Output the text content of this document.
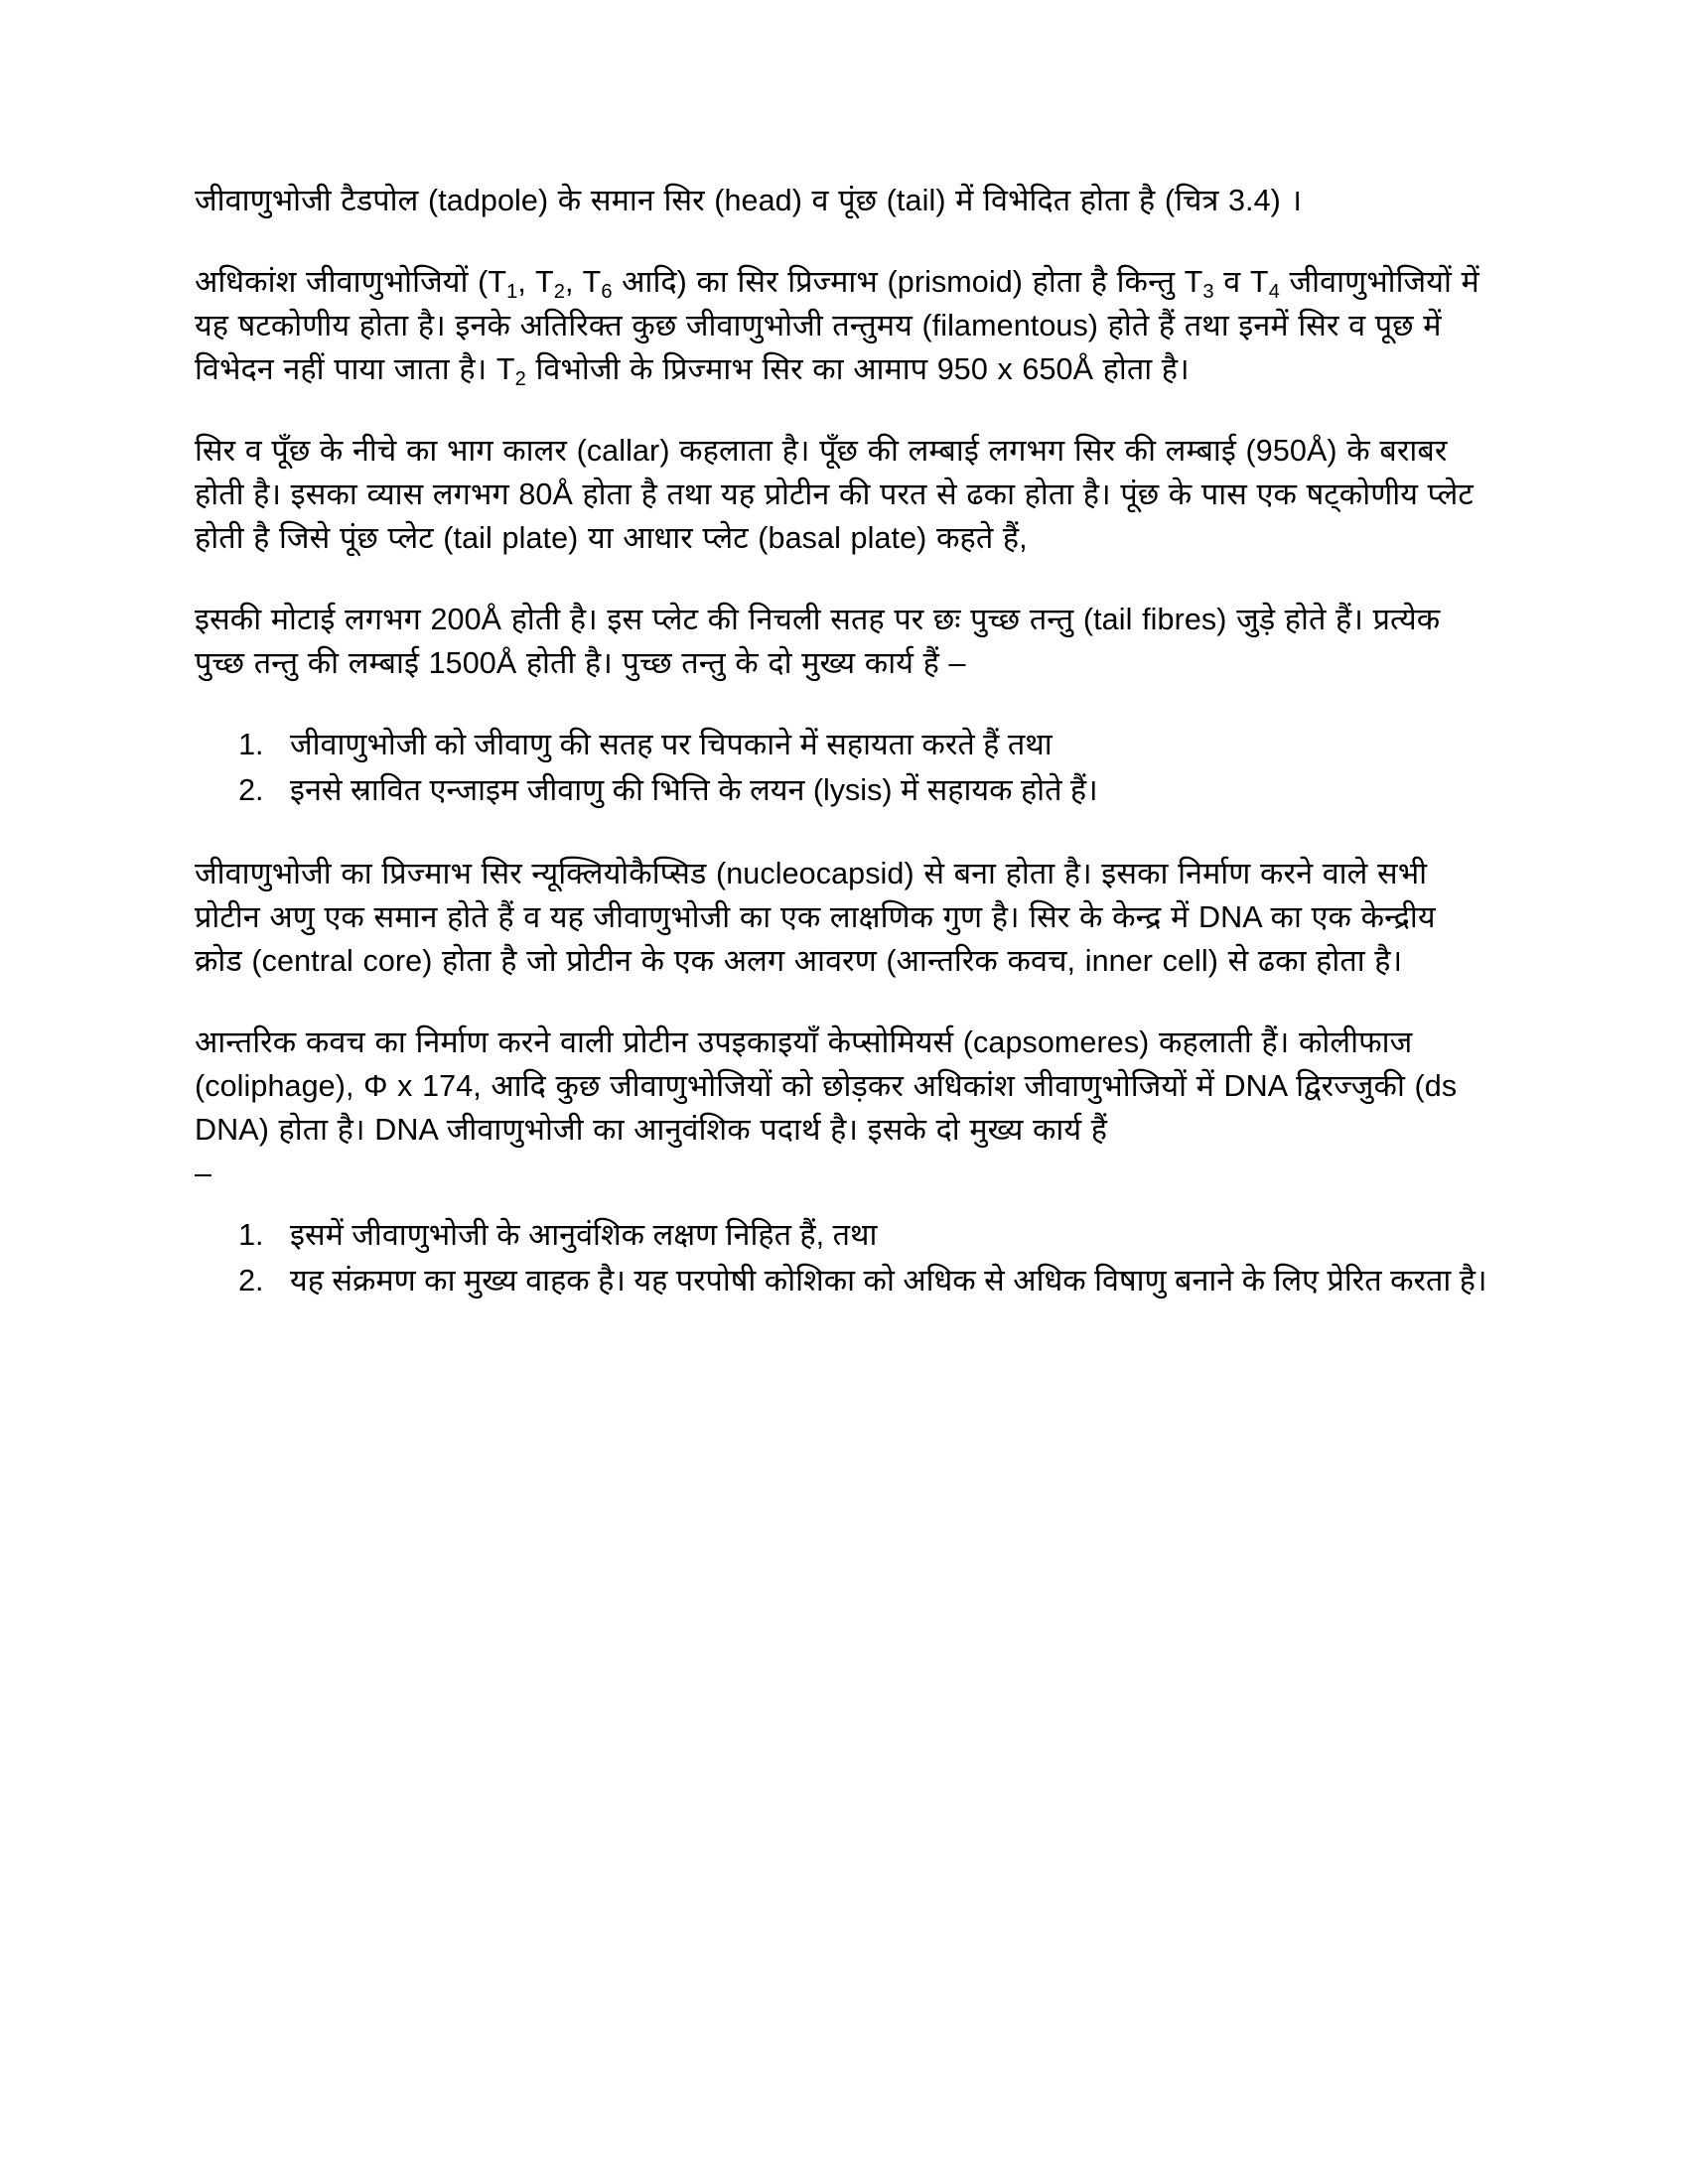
जीवाणुभोजी टैडपोल (tadpole) के समान सिर (head) व पूंछ (tail) में विभेदित होता है (चित्र 3.4) ।

अधिकांश जीवाणुभोजियों ($T_1$, $T_2$, $T_6$ आदि) का सिर प्रिज्माभ (prismoid) होता है किन्तु $T_3$ व $T_4$ जीवाणुभोजियों में यह षटकोणीय होता है। इनके अतिरिक्त कुछ जीवाणुभोजी तन्तुमय (filamentous) होते हैं तथा इनमें सिर व पूछ में विभेदन नहीं पाया जाता है। $T_2$ विभोजी के प्रिज्माभ सिर का आमाप 950 x 650Å होता है।

सिर व पूँछ के नीचे का भाग कालर (callar) कहलाता है। पूँछ की लम्बाई लगभग सिर की लम्बाई (950Å) के बराबर होती है। इसका व्यास लगभग 80Å होता है तथा यह प्रोटीन की परत से ढका होता है। पूंछ के पास एक षट्कोणीय प्लेट होती है जिसे पूंछ प्लेट (tail plate) या आधार प्लेट (basal plate) कहते हैं,

इसकी मोटाई लगभग 200Å होती है। इस प्लेट की निचली सतह पर छः पुच्छ तन्तु (tail fibres) जुड़े होते हैं। प्रत्येक पुच्छ तन्तु की लम्बाई 1500Å होती है। पुच्छ तन्तु के दो मुख्य कार्य हैं –

1. जीवाणुभोजी को जीवाणु की सतह पर चिपकाने में सहायता करते हैं तथा
2. इनसे स्रावित एन्जाइम जीवाणु की भित्ति के लयन (lysis) में सहायक होते हैं।

जीवाणुभोजी का प्रिज्माभ सिर न्यूक्लियोकैप्सिड (nucleocapsid) से बना होता है। इसका निर्माण करने वाले सभी प्रोटीन अणु एक समान होते हैं व यह जीवाणुभोजी का एक लाक्षणिक गुण है। सिर के केन्द्र में DNA का एक केन्द्रीय क्रोड (central core) होता है जो प्रोटीन के एक अलग आवरण (आन्तरिक कवच, inner cell) से ढका होता है।

आन्तरिक कवच का निर्माण करने वाली प्रोटीन उपइकाइयाँ केप्सोमियर्स (capsomeres) कहलाती हैं। कोलीफाज (coliphage), Φ x 174, आदि कुछ जीवाणुभोजियों को छोड़कर अधिकांश जीवाणुभोजियों में DNA द्विरज्जुकी (ds DNA) होता है। DNA जीवाणुभोजी का आनुवंशिक पदार्थ है। इसके दो मुख्य कार्य हैं

–
1. इसमें जीवाणुभोजी के आनुवंशिक लक्षण निहित हैं, तथा
2. यह संक्रमण का मुख्य वाहक है। यह परपोषी कोशिका को अधिक से अधिक विषाणु बनाने के लिए प्रेरित करता है।
